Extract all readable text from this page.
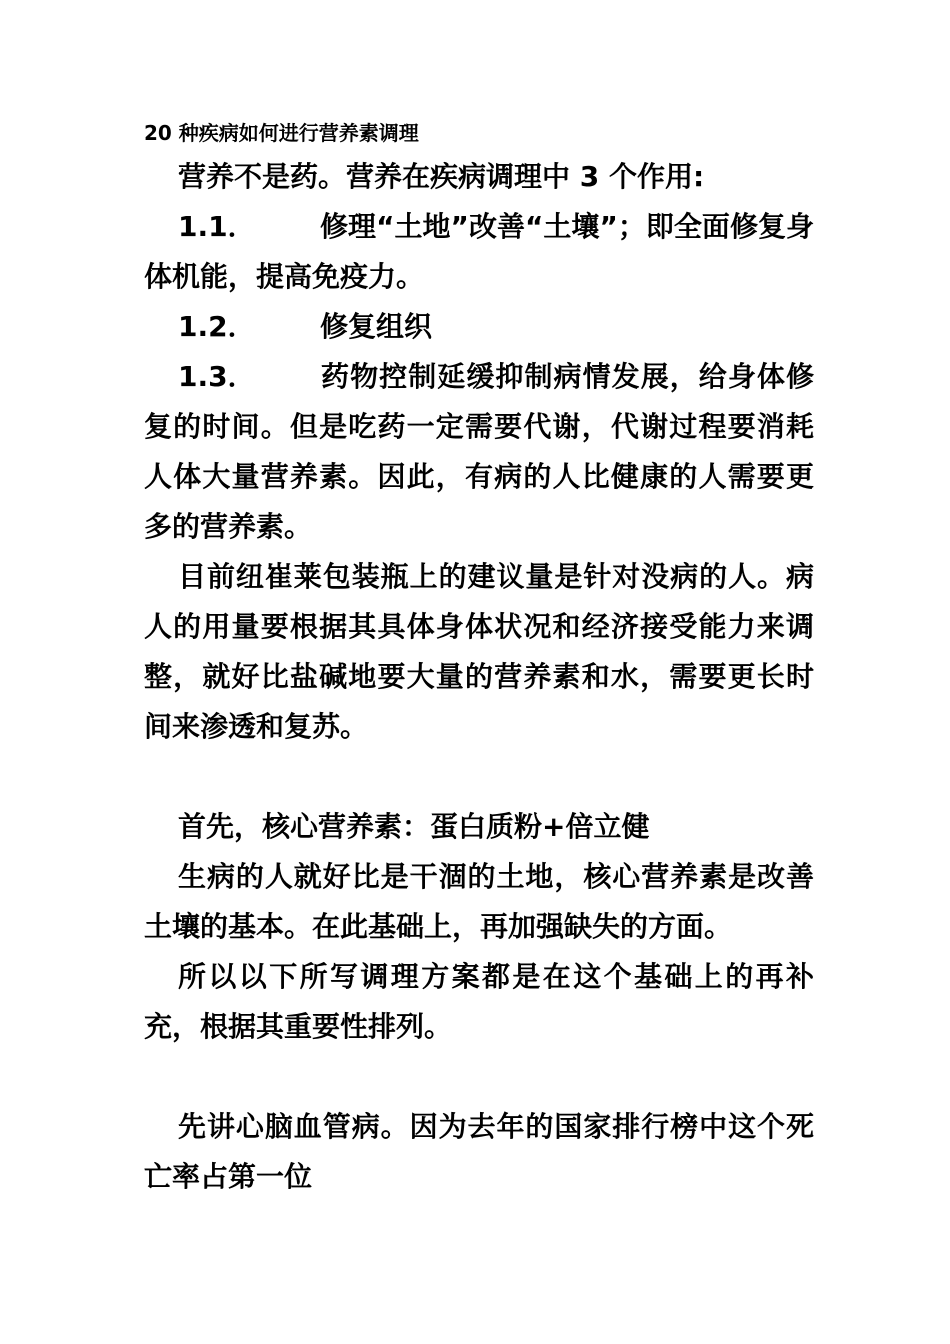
20 种疾病如何进行营养素调理

营养不是药。营养在疾病调理中 3 个作用:

1.1． 修理“土地”改善“土壤”；即全面修复身体机能，提高免疫力。

1.2． 修复组织

1.3． 药物控制延缓抑制病情发展，给身体修复的时间。但是吃药一定需要代谢，代谢过程要消耗人体大量营养素。因此，有病的人比健康的人需要更多的营养素。

目前纽崔莱包装瓶上的建议量是针对没病的人。病人的用量要根据其具体身体状况和经济接受能力来调整，就好比盐碱地要大量的营养素和水，需要更长时间来渗透和复苏。

首先，核心营养素：蛋白质粉+倍立健

生病的人就好比是干涸的土地，核心营养素是改善土壤的基本。在此基础上，再加强缺失的方面。

所以以下所写调理方案都是在这个基础上的再补充，根据其重要性排列。

先讲心脑血管病。因为去年的国家排行榜中这个死亡率占第一位
